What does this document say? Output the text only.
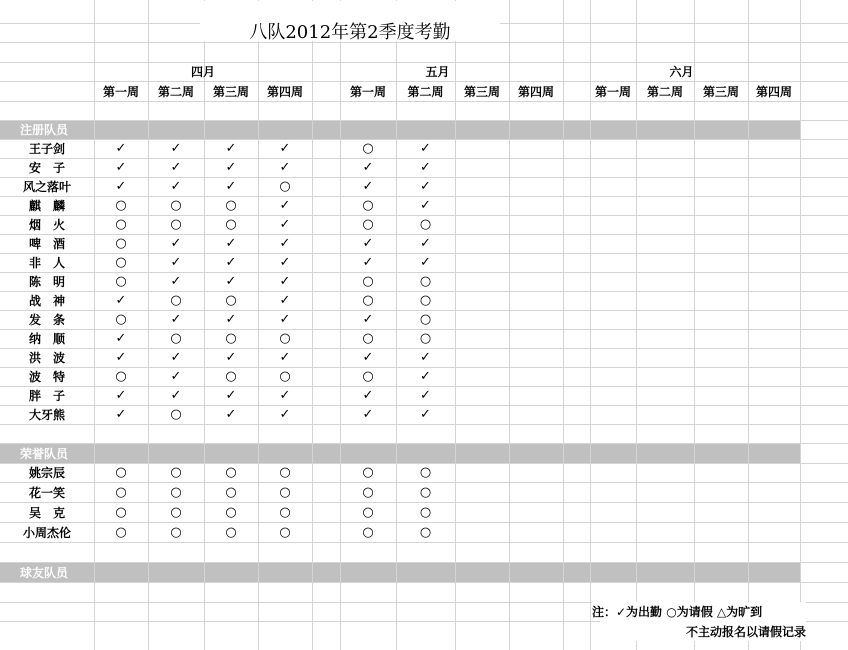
八队2012年第2季度考勤
四月	五月	六月
第一周	第二周	第三周	第四周	第一周	第二周	第三周	第四周	第一周	第二周	第三周	第四周
注册队员
王子剑	✓	✓	✓	✓	○	✓
安　子	✓	✓	✓	✓	✓	✓
风之落叶	✓	✓	✓	○	✓	✓
麒　麟	○	○	○	✓	○	✓
烟　火	○	○	○	✓	○	○
啤　酒	○	✓	✓	✓	✓	✓
非　人	○	✓	✓	✓	✓	✓
陈　明	○	✓	✓	✓	○	○
战　神	✓	○	○	✓	○	○
发　条	○	✓	✓	✓	✓	○
纳　顺	✓	○	○	○	○	○
洪　波	✓	✓	✓	✓	✓	✓
波　特	○	✓	○	○	○	✓
胖　子	✓	✓	✓	✓	✓	✓
大牙熊	✓	○	✓	✓	✓	✓
荣誉队员
姚宗辰	○	○	○	○	○	○
花一笑	○	○	○	○	○	○
吴　克	○	○	○	○	○	○
小周杰伦	○	○	○	○	○	○
球友队员
注：✓为出勤 ○为请假 △为旷到
不主动报名以请假记录
